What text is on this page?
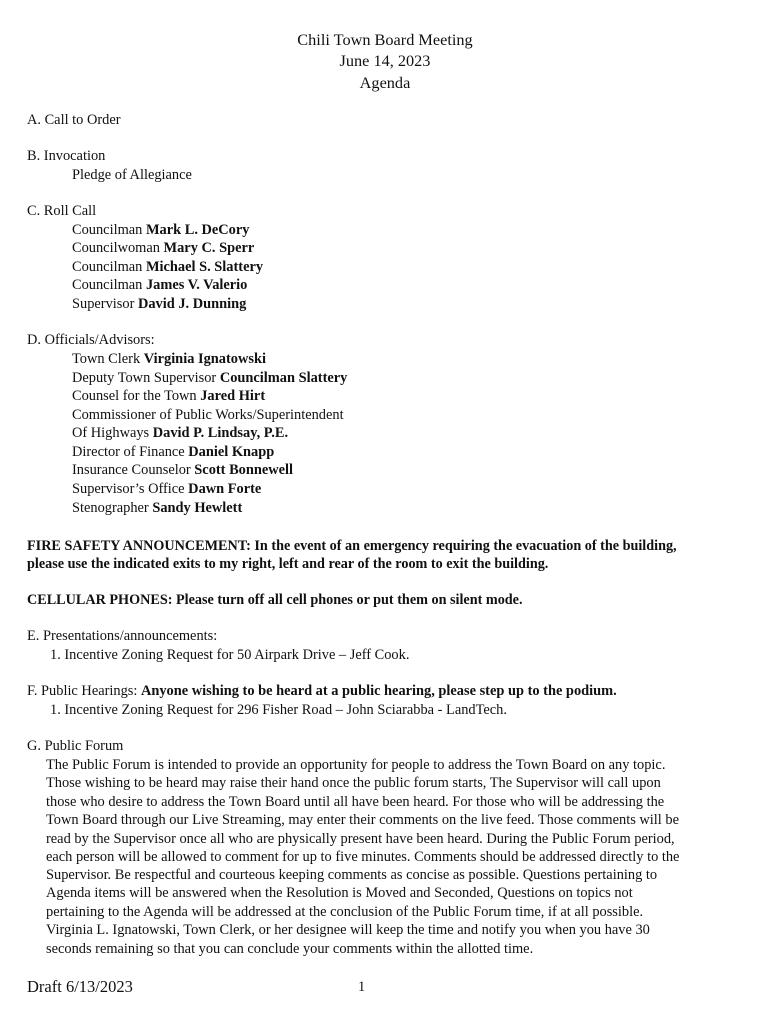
Chili Town Board Meeting
June 14, 2023
Agenda
A. Call to Order
B. Invocation
Pledge of Allegiance
C. Roll Call
Councilman Mark L. DeCory
Councilwoman Mary C. Sperr
Councilman Michael S. Slattery
Councilman James V. Valerio
Supervisor David J. Dunning
D. Officials/Advisors:
Town Clerk Virginia Ignatowski
Deputy Town Supervisor Councilman Slattery
Counsel for the Town Jared Hirt
Commissioner of Public Works/Superintendent
Of Highways David P. Lindsay, P.E.
Director of Finance Daniel Knapp
Insurance Counselor Scott Bonnewell
Supervisor’s Office Dawn Forte
Stenographer Sandy Hewlett
FIRE SAFETY ANNOUNCEMENT: In the event of an emergency requiring the evacuation of the building,
please use the indicated exits to my right, left and rear of the room to exit the building.
CELLULAR PHONES: Please turn off all cell phones or put them on silent mode.
E. Presentations/announcements:
1. Incentive Zoning Request for 50 Airpark Drive – Jeff Cook.
F. Public Hearings: Anyone wishing to be heard at a public hearing, please step up to the podium.
1. Incentive Zoning Request for 296 Fisher Road – John Sciarabba - LandTech.
G. Public Forum
The Public Forum is intended to provide an opportunity for people to address the Town Board on any topic.
Those wishing to be heard may raise their hand once the public forum starts, The Supervisor will call upon
those who desire to address the Town Board until all have been heard. For those who will be addressing the
Town Board through our Live Streaming, may enter their comments on the live feed. Those comments will be
read by the Supervisor once all who are physically present have been heard. During the Public Forum period,
each person will be allowed to comment for up to five minutes. Comments should be addressed directly to the
Supervisor. Be respectful and courteous keeping comments as concise as possible. Questions pertaining to
Agenda items will be answered when the Resolution is Moved and Seconded, Questions on topics not
pertaining to the Agenda will be addressed at the conclusion of the Public Forum time, if at all possible.
Virginia L. Ignatowski, Town Clerk, or her designee will keep the time and notify you when you have 30
seconds remaining so that you can conclude your comments within the allotted time.
Draft 6/13/2023	1
